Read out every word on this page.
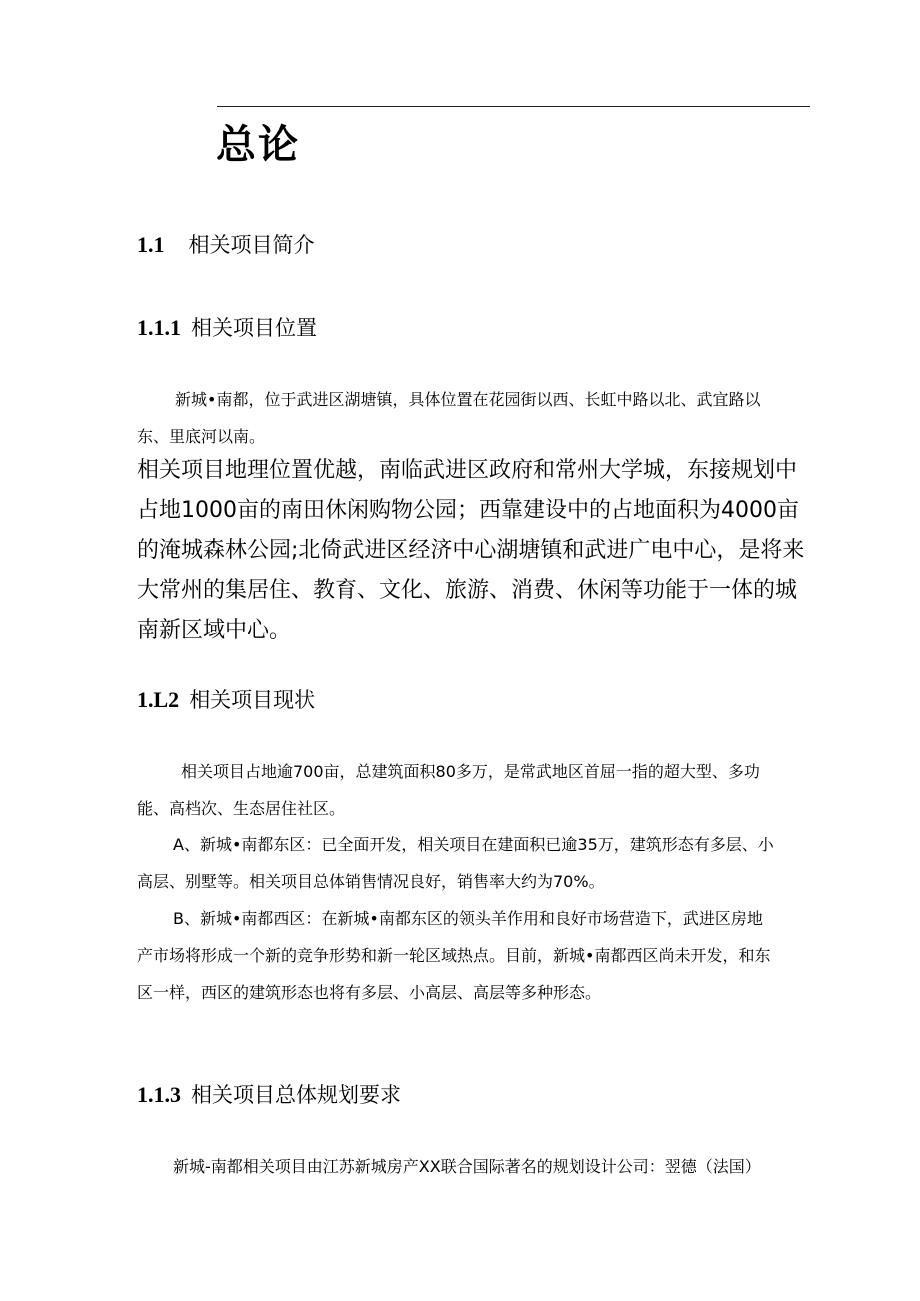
总论
1.1 相关项目简介
1.1.1 相关项目位置

新城•南都，位于武进区湖塘镇，具体位置在花园街以西、长虹中路以北、武宜路以东、里底河以南。

相关项目地理位置优越，南临武进区政府和常州大学城，东接规划中占地1000亩的南田休闲购物公园；西靠建设中的占地面积为4000亩的淹城森林公园;北倚武进区经济中心湖塘镇和武进广电中心，是将来大常州的集居住、教育、文化、旅游、消费、休闲等功能于一体的城南新区域中心。

1.L2 相关项目现状

相关项目占地逾700亩，总建筑面积80多万，是常武地区首屈一指的超大型、多功能、高档次、生态居住社区。

A、新城•南都东区：已全面开发，相关项目在建面积已逾35万，建筑形态有多层、小高层、别墅等。相关项目总体销售情况良好，销售率大约为70%。

B、新城•南都西区：在新城•南都东区的领头羊作用和良好市场营造下，武进区房地产市场将形成一个新的竞争形势和新一轮区域热点。目前，新城•南都西区尚未开发，和东区一样，西区的建筑形态也将有多层、小高层、高层等多种形态。

1.1.3 相关项目总体规划要求

新城-南都相关项目由江苏新城房产XX联合国际著名的规划设计公司：翌德（法国）
